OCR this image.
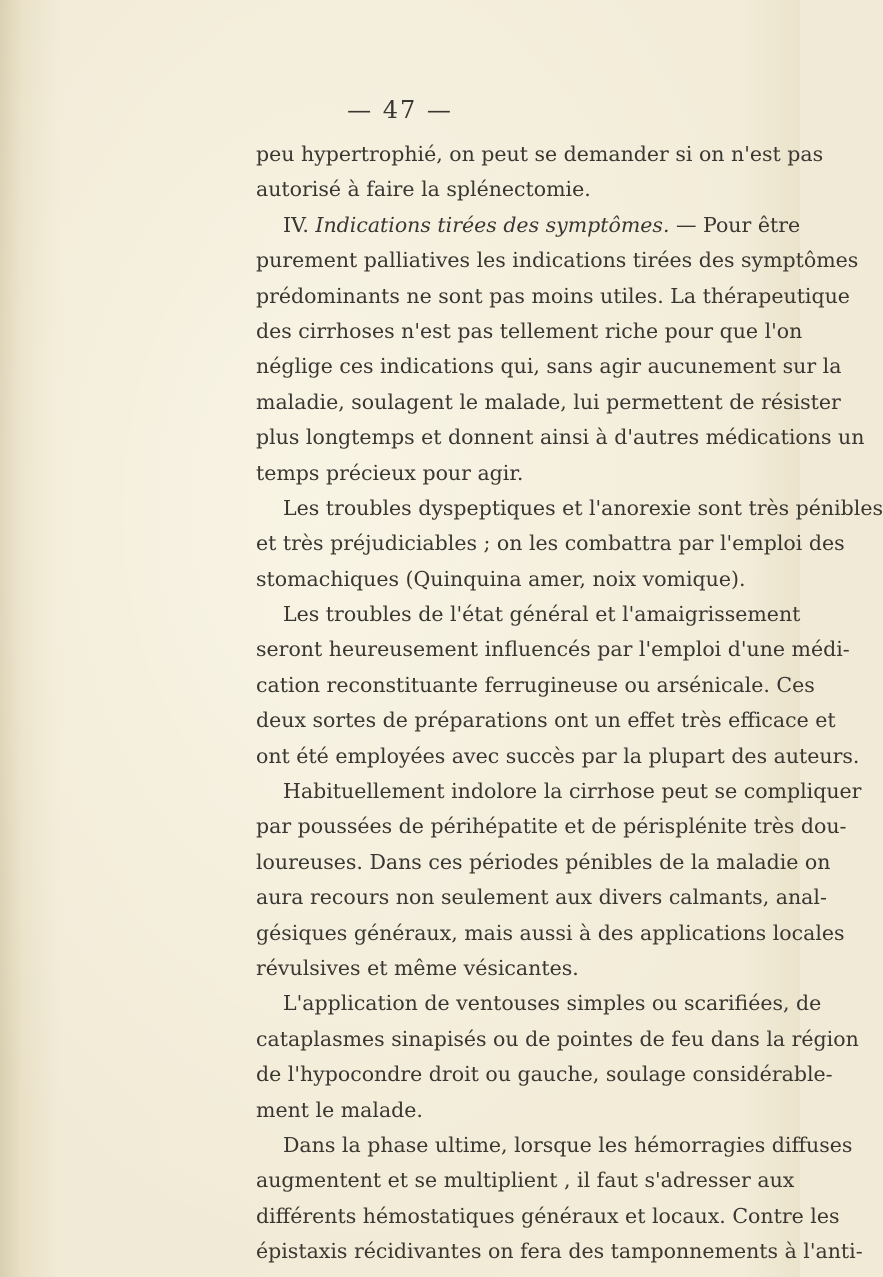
— 47 —
peu hypertrophié, on peut se demander si on n'est pas
autorisé à faire la splénectomie.
IV. Indications tirées des symptômes. — Pour être
purement palliatives les indications tirées des symptômes
prédominants ne sont pas moins utiles. La thérapeutique
des cirrhoses n'est pas tellement riche pour que l'on
néglige ces indications qui, sans agir aucunement sur la
maladie, soulagent le malade, lui permettent de résister
plus longtemps et donnent ainsi à d'autres médications un
temps précieux pour agir.
Les troubles dyspeptiques et l'anorexie sont très pénibles
et très préjudiciables ; on les combattra par l'emploi des
stomachiques (Quinquina amer, noix vomique).
Les troubles de l'état général et l'amaigrissement
seront heureusement influencés par l'emploi d'une médi-
cation reconstituante ferrugineuse ou arsénicale. Ces
deux sortes de préparations ont un effet très efficace et
ont été employées avec succès par la plupart des auteurs.
Habituellement indolore la cirrhose peut se compliquer
par poussées de périhépatite et de périsplénite très dou-
loureuses. Dans ces périodes pénibles de la maladie on
aura recours non seulement aux divers calmants, anal-
gésiques généraux, mais aussi à des applications locales
révulsives et même vésicantes.
L'application de ventouses simples ou scarifiées, de
cataplasmes sinapisés ou de pointes de feu dans la région
de l'hypocondre droit ou gauche, soulage considérable-
ment le malade.
Dans la phase ultime, lorsque les hémorragies diffuses
augmentent et se multiplient , il faut s'adresser aux
différents hémostatiques généraux et locaux. Contre les
épistaxis récidivantes on fera des tamponnements à l'anti-
